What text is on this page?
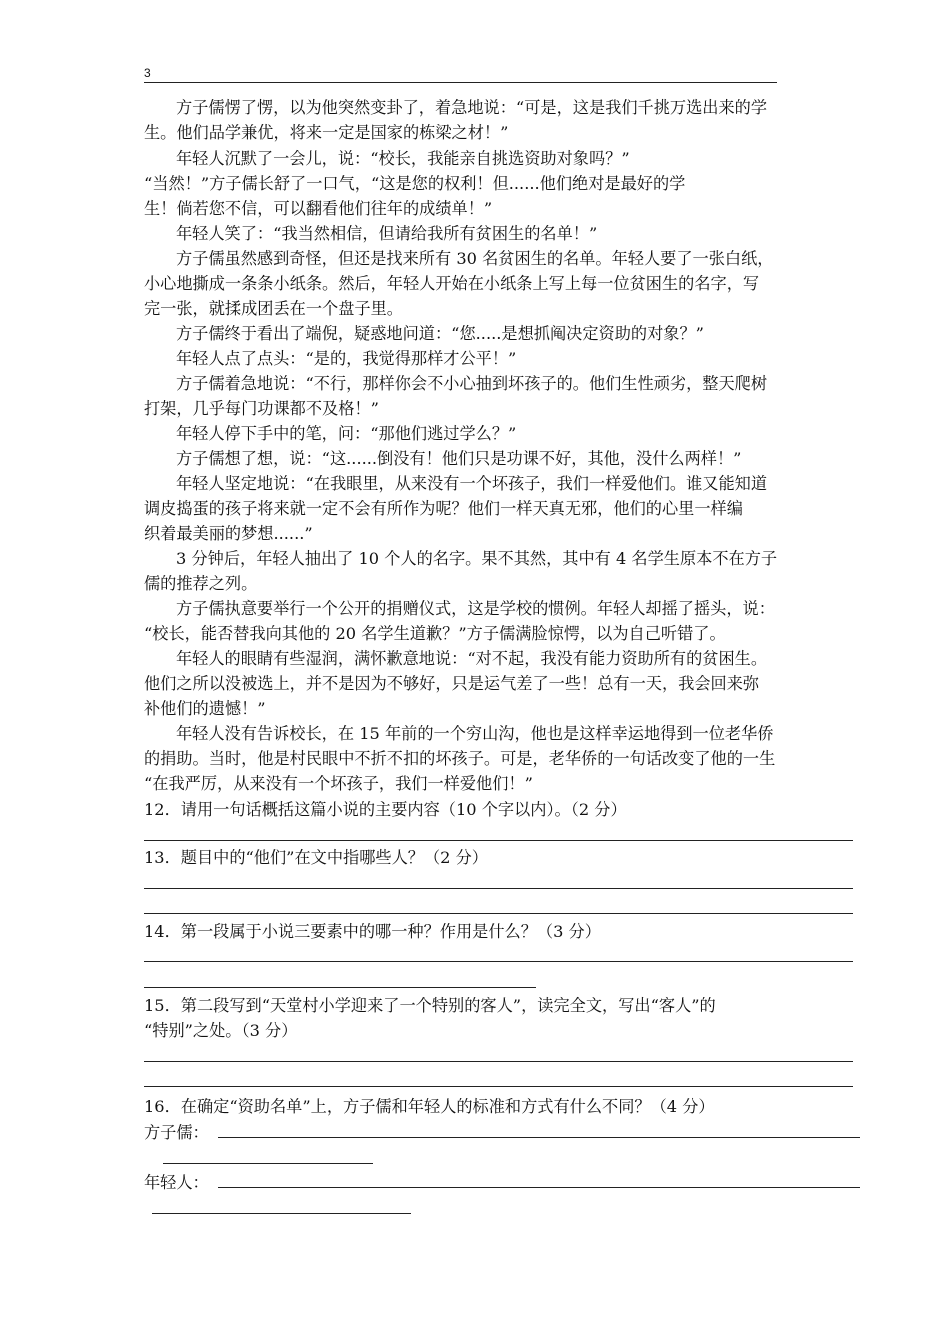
3
方子儒愣了愣，以为他突然变卦了，着急地说：“可是，这是我们千挑万选出来的学
生。他们品学兼优，将来一定是国家的栋梁之材！”
年轻人沉默了一会儿，说：“校长，我能亲自挑选资助对象吗？”
“当然！”方子儒长舒了一口气，“这是您的权利！但......他们绝对是最好的学
生！倘若您不信，可以翻看他们往年的成绩单！”
年轻人笑了：“我当然相信，但请给我所有贫困生的名单！”
方子儒虽然感到奇怪，但还是找来所有 30 名贫困生的名单。年轻人要了一张白纸，
小心地撕成一条条小纸条。然后，年轻人开始在小纸条上写上每一位贫困生的名字，写
完一张，就揉成团丢在一个盘子里。
方子儒终于看出了端倪，疑惑地问道：“您.....是想抓阄决定资助的对象？”
年轻人点了点头：“是的，我觉得那样才公平！”
方子儒着急地说：“不行，那样你会不小心抽到坏孩子的。他们生性顽劣，整天爬树
打架，几乎每门功课都不及格！”
年轻人停下手中的笔，问：“那他们逃过学么？”
方子儒想了想，说：“这......倒没有！他们只是功课不好，其他，没什么两样！”
年轻人坚定地说：“在我眼里，从来没有一个坏孩子，我们一样爱他们。谁又能知道
调皮捣蛋的孩子将来就一定不会有所作为呢？他们一样天真无邪，他们的心里一样编
织着最美丽的梦想......”
3 分钟后，年轻人抽出了 10 个人的名字。果不其然，其中有 4 名学生原本不在方子
儒的推荐之列。
方子儒执意要举行一个公开的捐赠仪式，这是学校的惯例。年轻人却摇了摇头，说：
“校长，能否替我向其他的 20 名学生道歉？”方子儒满脸惊愕，以为自己听错了。
年轻人的眼睛有些湿润，满怀歉意地说：“对不起，我没有能力资助所有的贫困生。
他们之所以没被选上，并不是因为不够好，只是运气差了一些！总有一天，我会回来弥
补他们的遗憾！”
年轻人没有告诉校长，在 15 年前的一个穷山沟，他也是这样幸运地得到一位老华侨
的捐助。当时，他是村民眼中不折不扣的坏孩子。可是，老华侨的一句话改变了他的一生
“在我严厉，从来没有一个坏孩子，我们一样爱他们！”
12．请用一句话概括这篇小说的主要内容（10 个字以内）。（2 分）
13．题目中的“他们”在文中指哪些人？（2 分）
14．第一段属于小说三要素中的哪一种？作用是什么？（3 分）
15．第二段写到“天堂村小学迎来了一个特别的客人”，读完全文，写出“客人”的
“特别”之处。（3 分）
16．在确定“资助名单”上，方子儒和年轻人的标准和方式有什么不同？（4 分）
方子儒：
年轻人：
